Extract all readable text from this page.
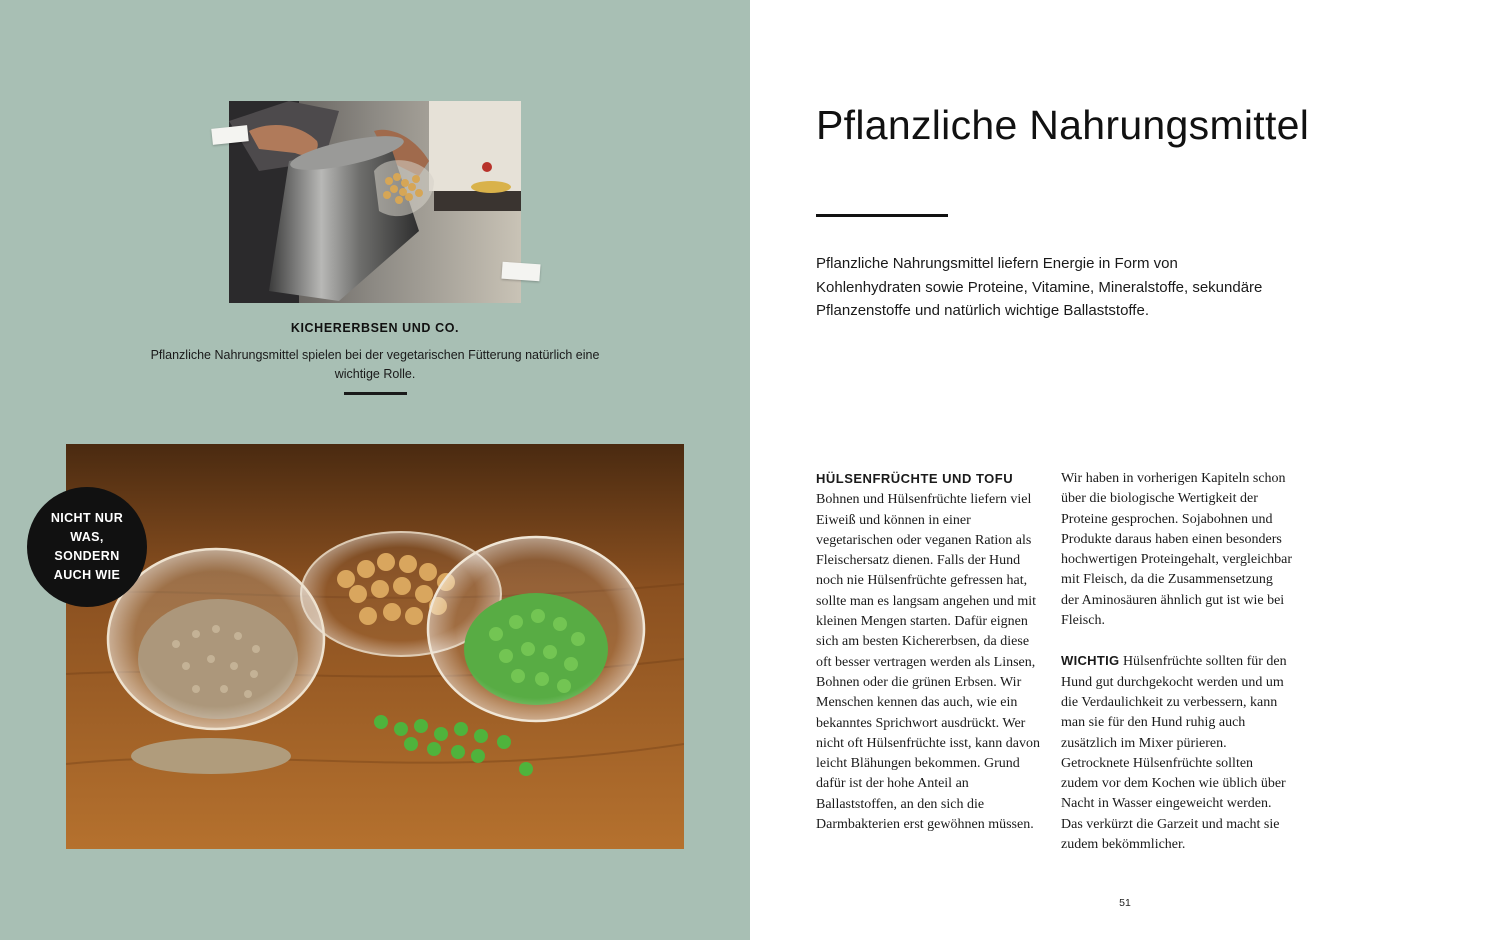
Pflanzliche Nahrungsmittel

Pflanzliche Nahrungsmittel liefern Energie in Form von Kohlenhydraten sowie Proteine, Vitamine, Mineralstoffe, sekundäre Pflanzenstoffe und natürlich wichtige Ballaststoffe.

HÜLSENFRÜCHTE UND TOFU

Bohnen und Hülsenfrüchte liefern viel Eiweiß und können in einer vegetarischen oder veganen Ration als Fleischersatz dienen. Falls der Hund noch nie Hülsenfrüchte gefressen hat, sollte man es langsam angehen und mit kleinen Mengen starten. Dafür eignen sich am besten Kichererbsen, da diese oft besser vertragen werden als Linsen, Bohnen oder die grünen Erbsen. Wir Menschen kennen das auch, wie ein bekanntes Sprichwort ausdrückt. Wer nicht oft Hülsenfrüchte isst, kann davon leicht Blähungen bekommen. Grund dafür ist der hohe Anteil an Ballaststoffen, an den sich die Darmbakterien erst gewöhnen müssen.

Wir haben in vorherigen Kapiteln schon über die biologische Wertigkeit der Proteine gesprochen. Sojabohnen und Produkte daraus haben einen besonders hochwertigen Proteingehalt, vergleichbar mit Fleisch, da die Zusammensetzung der Aminosäuren ähnlich gut ist wie bei Fleisch.

WICHTIG Hülsenfrüchte sollten für den Hund gut durchgekocht werden und um die Verdaulichkeit zu verbessern, kann man sie für den Hund ruhig auch zusätzlich im Mixer pürieren. Getrocknete Hülsenfrüchte sollten zudem vor dem Kochen wie üblich über Nacht in Wasser eingeweicht werden. Das verkürzt die Garzeit und macht sie zudem bekömmlicher.

51
KICHERERBSEN UND CO.
Pflanzliche Nahrungsmittel spielen bei der vegetarischen Fütterung natürlich eine wichtige Rolle.
NICHT NUR WAS, SONDERN AUCH WIE
